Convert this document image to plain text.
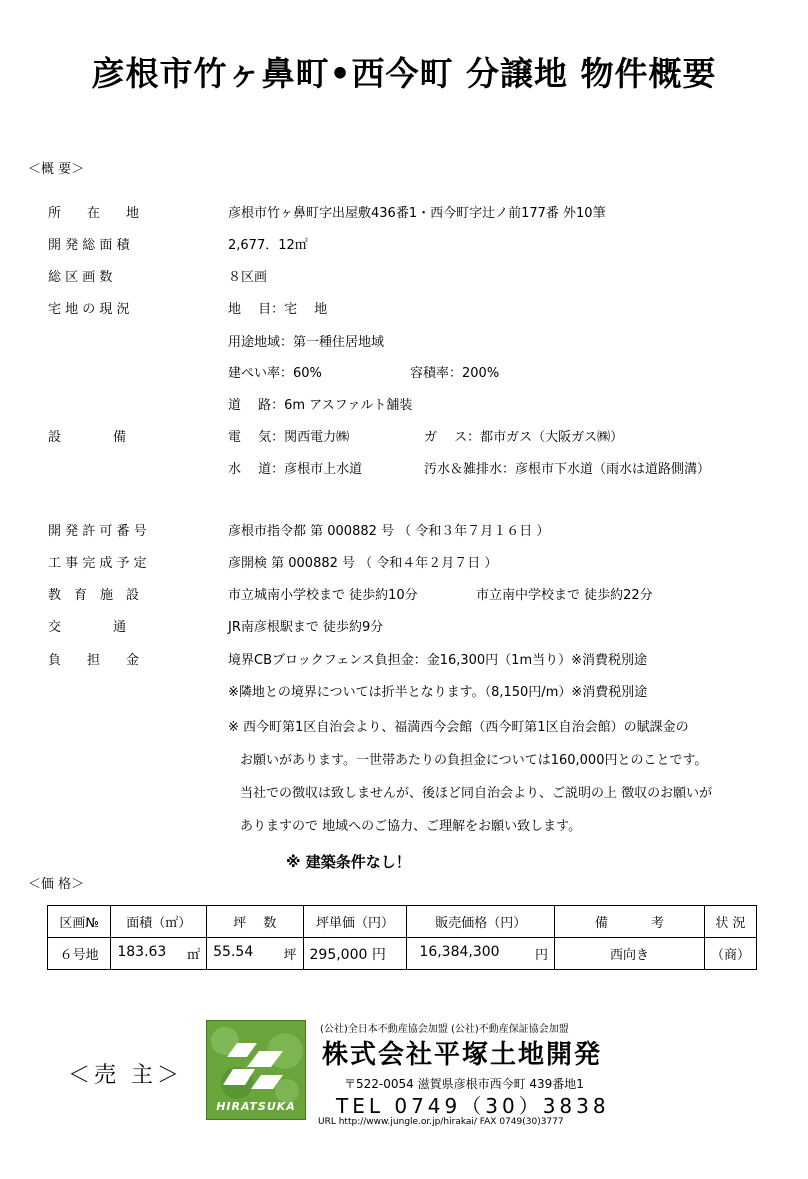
彦根市竹ヶ鼻町•西今町 分譲地 物件概要
＜概 要＞
所　　在　　地	彦根市竹ヶ鼻町字出屋敷436番1・西今町字辻ノ前177番 外10筆
開 発 総 面 積	2,677．12㎡
総 区 画 数	８区画
宅 地 の 現 況	地　 目：宅　 地
用途地域：第一種住居地域
建ぺい率：60%	容積率：200%
道　 路：6m アスファルト舗装
設　　　　備	電　 気：関西電力㈱	ガ　 ス：都市ガス（大阪ガス㈱）
水　 道：彦根市上水道	汚水＆雑排水：彦根市下水道（雨水は道路側溝）
開 発 許 可 番 号	彦根市指令都 第 000882 号 （ 令和３年７月１６日 ）
工 事 完 成 予 定	彦開検 第 000882 号 （ 令和４年２月７日 ）
教　育　施　設	市立城南小学校まで 徒歩約10分	市立南中学校まで 徒歩約22分
交　　　　通	JR南彦根駅まで 徒歩約9分
負　　担　　金	境界CBブロックフェンス負担金：金16,300円（1m当り）※消費税別途
※隣地との境界については折半となります。（8,150円/m）※消費税別途
※ 西今町第1区自治会より、福満西今会館（西今町第1区自治会館）の賦課金の
お願いがあります。一世帯あたりの負担金については160,000円とのことです。
当社での徴収は致しませんが、後ほど同自治会より、ご説明の上 徴収のお願いが
ありますので 地域へのご協力、ご理解をお願い致します。
※ 建築条件なし！
＜価 格＞
区画№	面積（㎡）	坪　 数	坪単価（円）	販売価格（円）	備　　　 考	状 況
６号地	183.63 ㎡	55.54 坪	295,000 円	16,384,300 円	西向き	（商）
＜売 主＞
HIRATSUKA
(公社)全日本不動産協会加盟 (公社)不動産保証協会加盟
株式会社平塚土地開発
〒522-0054 滋賀県彦根市西今町 439番地1
TEL 0749（30）3838
URL http://www.jungle.or.jp/hirakai/ FAX 0749(30)3777
